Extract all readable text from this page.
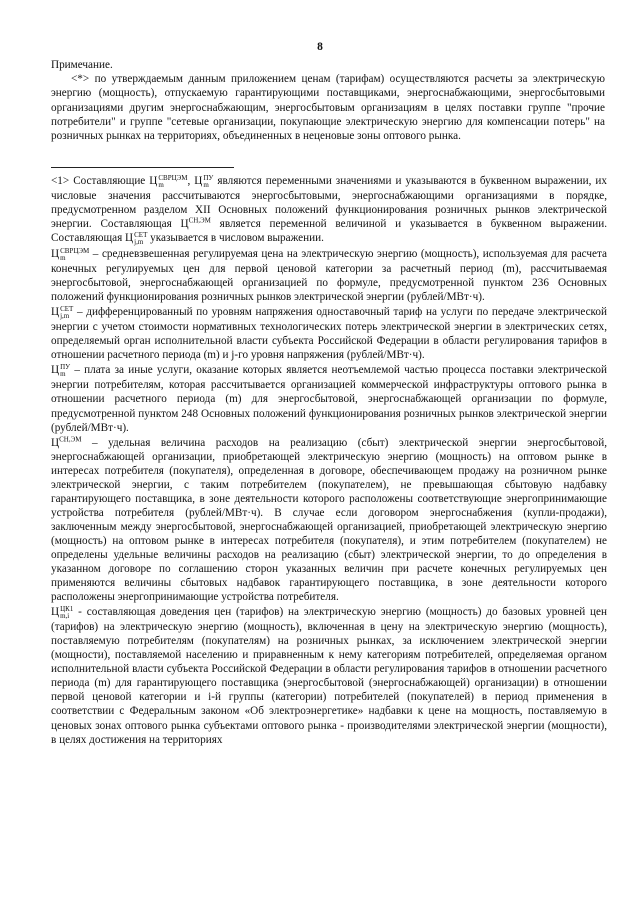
8

Примечание.

<*> по утверждаемым данным приложением ценам (тарифам) осуществляются расчеты за электрическую энергию (мощность), отпускаемую гарантирующими поставщиками, энергоснабжающими, энергосбытовыми организациями другим энергоснабжающим, энергосбытовым организациям в целях поставки группе "прочие потребители" и группе "сетевые организации, покупающие электрическую энергию для компенсации потерь" на розничных рынках на территориях, объединенных в неценовые зоны оптового рынка.

<1> Составляющие Ц СВРЦЭМ
m	, Ц ПУ
m являются переменными значениями и указываются в буквенном выражении, их числовые значения рассчитываются энергосбытовыми, энергоснабжающими организациями в порядке, предусмотренном разделом XII Основных положений функционирования розничных рынков электрической энергии. Составляющая $Ц^{СН,ЭМ}$ является переменной величиной и указывается в буквенном выражении. Составляющая Ц СЕТ
j,m указывается в числовом выражении.

Ц СВРЦЭМ
m	– средневзвешенная регулируемая цена на электрическую энергию (мощность), используемая для расчета конечных регулируемых цен для первой ценовой категории за расчетный период (m), рассчитываемая энергосбытовой, энергоснабжающей организацией по формуле, предусмотренной пунктом 236 Основных положений функционирования розничных рынков электрической энергии (рублей/МВт·ч).

Ц СЕТ
j,m – дифференцированный по уровням напряжения одноставочный тариф на услуги по передаче электрической энергии с учетом стоимости нормативных технологических потерь электрической энергии в электрических сетях, определяемый орган исполнительной власти субъекта Российской Федерации в области регулирования тарифов в отношении расчетного периода (m) и j-го уровня напряжения (рублей/МВт·ч).

Ц ПУ
m – плата за иные услуги, оказание которых является неотъемлемой частью процесса поставки электрической энергии потребителям, которая рассчитывается организацией коммерческой инфраструктуры оптового рынка в отношении расчетного периода (m) для энергосбытовой, энергоснабжающей организации по формуле, предусмотренной пунктом 248 Основных положений функционирования розничных рынков электрической энергии (рублей/МВт·ч).

$Ц^{СН,ЭМ}$ – удельная величина расходов на реализацию (сбыт) электрической энергии энергосбытовой, энергоснабжающей организации, приобретающей электрическую энергию (мощность) на оптовом рынке в интересах потребителя (покупателя), определенная в договоре, обеспечивающем продажу на розничном рынке электрической энергии, с таким потребителем (покупателем), не превышающая сбытовую надбавку гарантирующего поставщика, в зоне деятельности которого расположены соответствующие энергопринимающие устройства потребителя (рублей/МВт·ч). В случае если договором энергоснабжения (купли-продажи), заключенным между энергосбытовой, энергоснабжающей организацией, приобретающей электрическую энергию (мощность) на оптовом рынке в интересах потребителя (покупателя), и этим потребителем (покупателем) не определены удельные величины расходов на реализацию (сбыт) электрической энергии, то до определения в указанном договоре по соглашению сторон указанных величин при расчете конечных регулируемых цен применяются величины сбытовых надбавок гарантирующего поставщика, в зоне деятельности которого расположены энергопринимающие устройства потребителя.

Ц ЦК1
m,i - составляющая доведения цен (тарифов) на электрическую энергию (мощность) до базовых уровней цен (тарифов) на электрическую энергию (мощность), включенная в цену на электрическую энергию (мощность), поставляемую потребителям (покупателям) на розничных рынках, за исключением электрической энергии (мощности), поставляемой населению и приравненным к нему категориям потребителей, определяемая органом исполнительной власти субъекта Российской Федерации в области регулирования тарифов в отношении расчетного периода (m) для гарантирующего поставщика (энергосбытовой (энергоснабжающей) организации) в отношении первой ценовой категории и i-й группы (категории) потребителей (покупателей) в период применения в соответствии с Федеральным законом «Об электроэнергетике» надбавки к цене на мощность, поставляемую в ценовых зонах оптового рынка субъектами оптового рынка - производителями электрической энергии (мощности), в целях достижения на территориях
